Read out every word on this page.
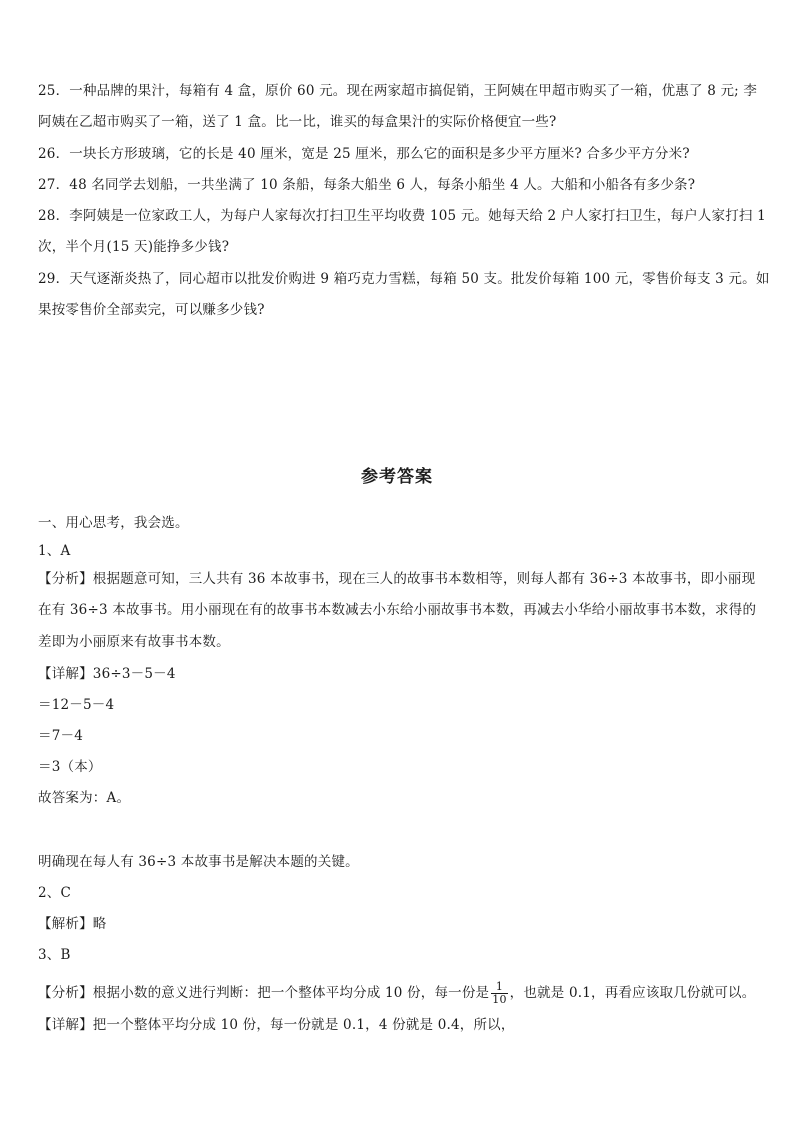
25．一种品牌的果汁，每箱有 4 盒，原价 60 元。现在两家超市搞促销，王阿姨在甲超市购买了一箱，优惠了 8 元; 李
阿姨在乙超市购买了一箱，送了 1 盒。比一比，谁买的每盒果汁的实际价格便宜一些?
26．一块长方形玻璃，它的长是 40 厘米，宽是 25 厘米，那么它的面积是多少平方厘米? 合多少平方分米?
27．48 名同学去划船，一共坐满了 10 条船，每条大船坐 6 人，每条小船坐 4 人。大船和小船各有多少条?
28．李阿姨是一位家政工人，为每户人家每次打扫卫生平均收费 105 元。她每天给 2 户人家打扫卫生，每户人家打扫 1
次，半个月(15 天)能挣多少钱?
29．天气逐渐炎热了，同心超市以批发价购进 9 箱巧克力雪糕，每箱 50 支。批发价每箱 100 元，零售价每支 3 元。如
果按零售价全部卖完，可以赚多少钱?
参考答案
一、用心思考，我会选。
1、A
【分析】根据题意可知，三人共有 36 本故事书，现在三人的故事书本数相等，则每人都有 36÷3 本故事书，即小丽现
在有 36÷3 本故事书。用小丽现在有的故事书本数减去小东给小丽故事书本数，再减去小华给小丽故事书本数，求得的
差即为小丽原来有故事书本数。
【详解】36÷3－5－4
＝12－5－4
＝7－4
＝3（本）
故答案为：A。
明确现在每人有 36÷3 本故事书是解决本题的关键。
2、C
【解析】略
3、B
【分析】根据小数的意义进行判断：把一个整体平均分成 10 份，每一份是 $\frac{1}{10}$ ，也就是 0.1，再看应该取几份就可以。
【详解】把一个整体平均分成 10 份，每一份就是 0.1，4 份就是 0.4，所以，
